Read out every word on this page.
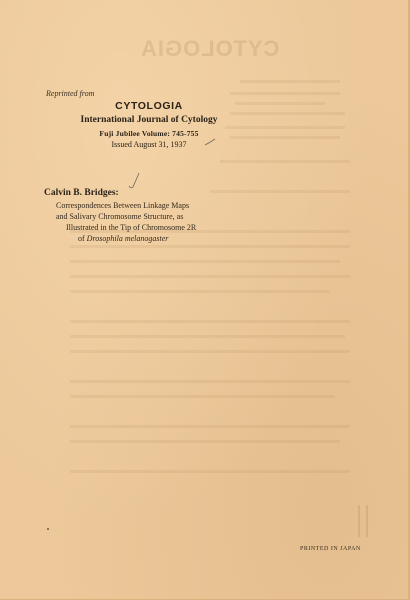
CYTOLOGIA
Reprinted from
CYTOLOGIA
International Journal of Cytology
Fuji Jubilee Volume: 745-755
Issued August 31, 1937
Calvin B. Bridges:
Correspondences Between Linkage Maps
and Salivary Chromosome Structure, as
Illustrated in the Tip of Chromosome 2R
of Drosophila melanogaster
PRINTED IN JAPAN
